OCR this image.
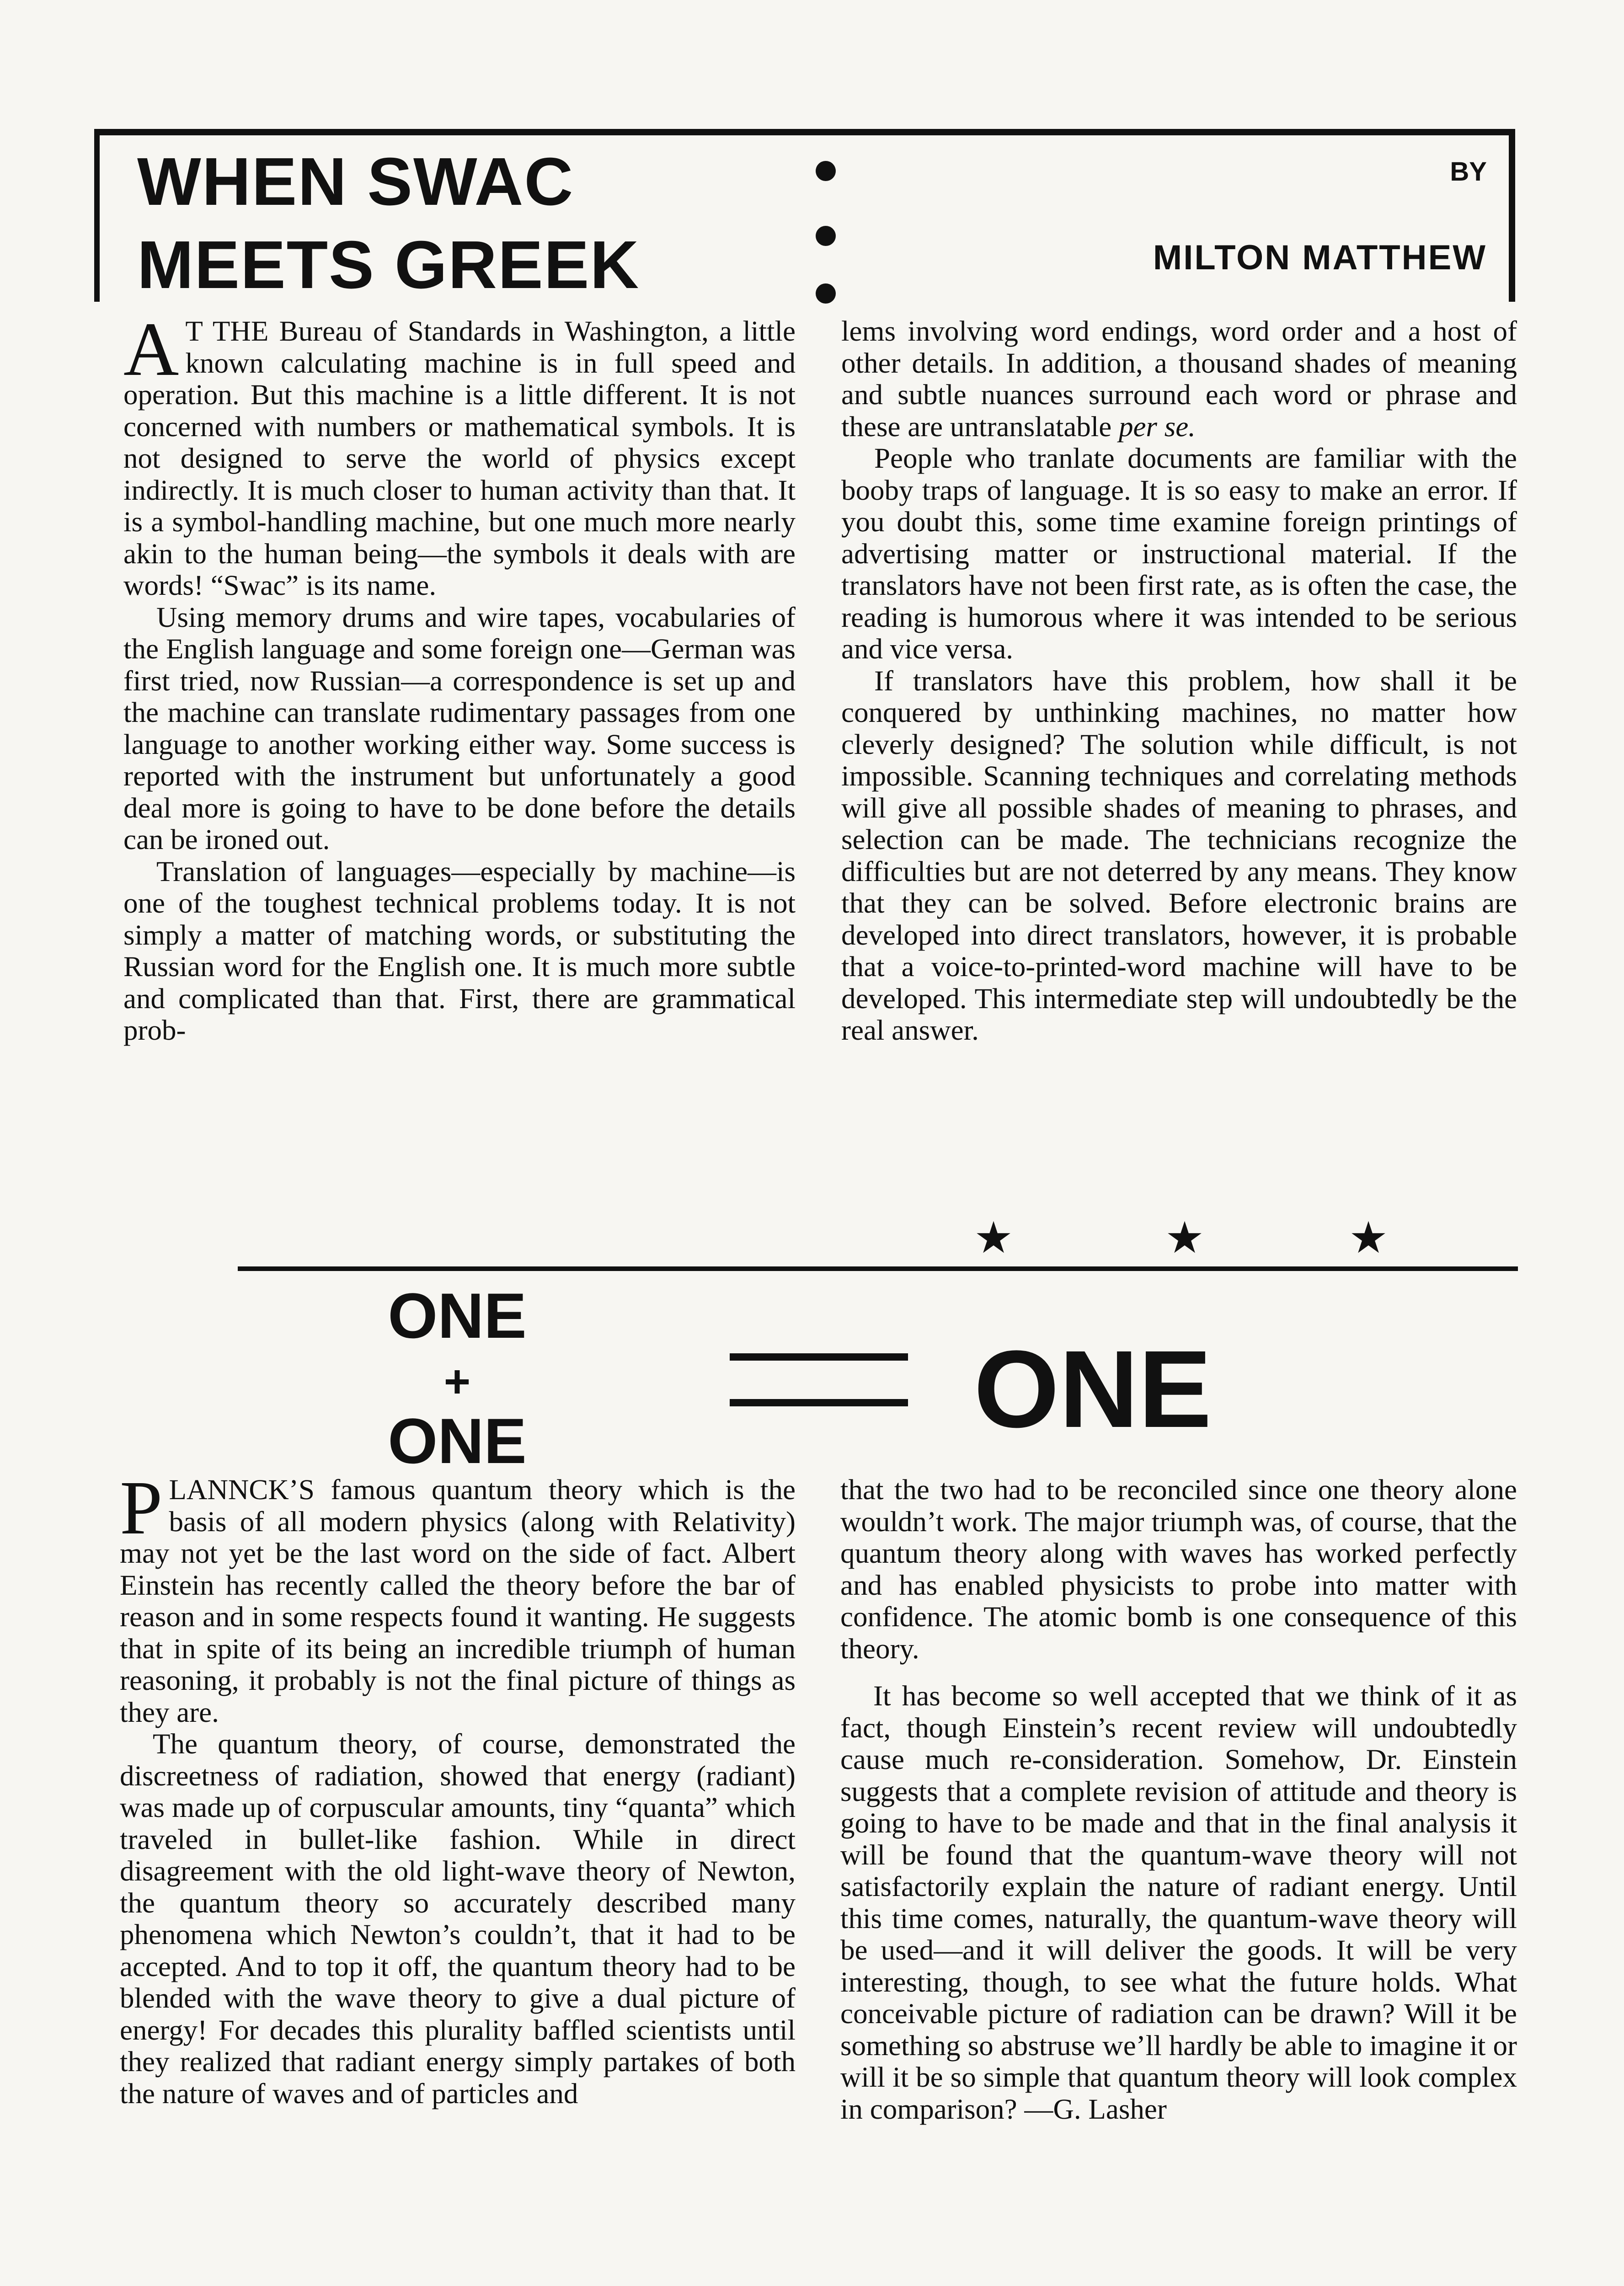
WHEN SWAC
MEETS GREEK
BY
MILTON MATTHEW

A T THE Bureau of Standards in Washington, a little known calculating machine is in full speed and operation. But this machine is a little different. It is not concerned with numbers or mathematical symbols. It is not designed to serve the world of physics except indirectly. It is much closer to human activity than that. It is a symbol-handling machine, but one much more nearly akin to the human being—the symbols it deals with are words! “Swac” is its name.

Using memory drums and wire tapes, vocabularies of the English language and some foreign one—German was first tried, now Russian—a correspondence is set up and the machine can translate rudimentary passages from one language to another working either way. Some success is reported with the instrument but unfortunately a good deal more is going to have to be done before the details can be ironed out.

Translation of languages—especially by machine—is one of the toughest technical problems today. It is not simply a matter of matching words, or substituting the Russian word for the English one. It is much more subtle and complicated than that. First, there are grammatical prob-

lems involving word endings, word order and a host of other details. In addition, a thousand shades of meaning and subtle nuances surround each word or phrase and these are untranslatable per se.

People who tranlate documents are familiar with the booby traps of language. It is so easy to make an error. If you doubt this, some time examine foreign printings of advertising matter or instructional material. If the translators have not been first rate, as is often the case, the reading is humorous where it was intended to be serious and vice versa.

If translators have this problem, how shall it be conquered by unthinking machines, no matter how cleverly designed? The solution while difficult, is not impossible. Scanning techniques and correlating methods will give all possible shades of meaning to phrases, and selection can be made. The technicians recognize the difficulties but are not deterred by any means. They know that they can be solved. Before electronic brains are developed into direct translators, however, it is probable that a voice-to-printed-word machine will have to be developed. This intermediate step will undoubtedly be the real answer.

★	★	★
ONE
+
ONE	ONE

PLANNCK’S famous quantum theory which is the basis of all modern physics (along with Relativity) may not yet be the last word on the side of fact. Albert Einstein has recently called the theory before the bar of reason and in some respects found it wanting. He suggests that in spite of its being an incredible triumph of human reasoning, it probably is not the final picture of things as they are.

The quantum theory, of course, demonstrated the discreetness of radiation, showed that energy (radiant) was made up of corpuscular amounts, tiny “quanta” which traveled in bullet-like fashion. While in direct disagreement with the old light-wave theory of Newton, the quantum theory so accurately described many phenomena which Newton’s couldn’t, that it had to be accepted. And to top it off, the quantum theory had to be blended with the wave theory to give a dual picture of energy! For decades this plurality baffled scientists until they realized that radiant energy simply partakes of both the nature of waves and of particles and

that the two had to be reconciled since one theory alone wouldn’t work. The major triumph was, of course, that the quantum theory along with waves has worked perfectly and has enabled physicists to probe into matter with confidence. The atomic bomb is one consequence of this theory.

It has become so well accepted that we think of it as fact, though Einstein’s recent review will undoubtedly cause much re-consideration. Somehow, Dr. Einstein suggests that a complete revision of attitude and theory is going to have to be made and that in the final analysis it will be found that the quantum-wave theory will not satisfactorily explain the nature of radiant energy. Until this time comes, naturally, the quantum-wave theory will be used—and it will deliver the goods. It will be very interesting, though, to see what the future holds. What conceivable picture of radiation can be drawn? Will it be something so abstruse we’ll hardly be able to imagine it or will it be so simple that quantum theory will look complex in comparison? —G. Lasher
